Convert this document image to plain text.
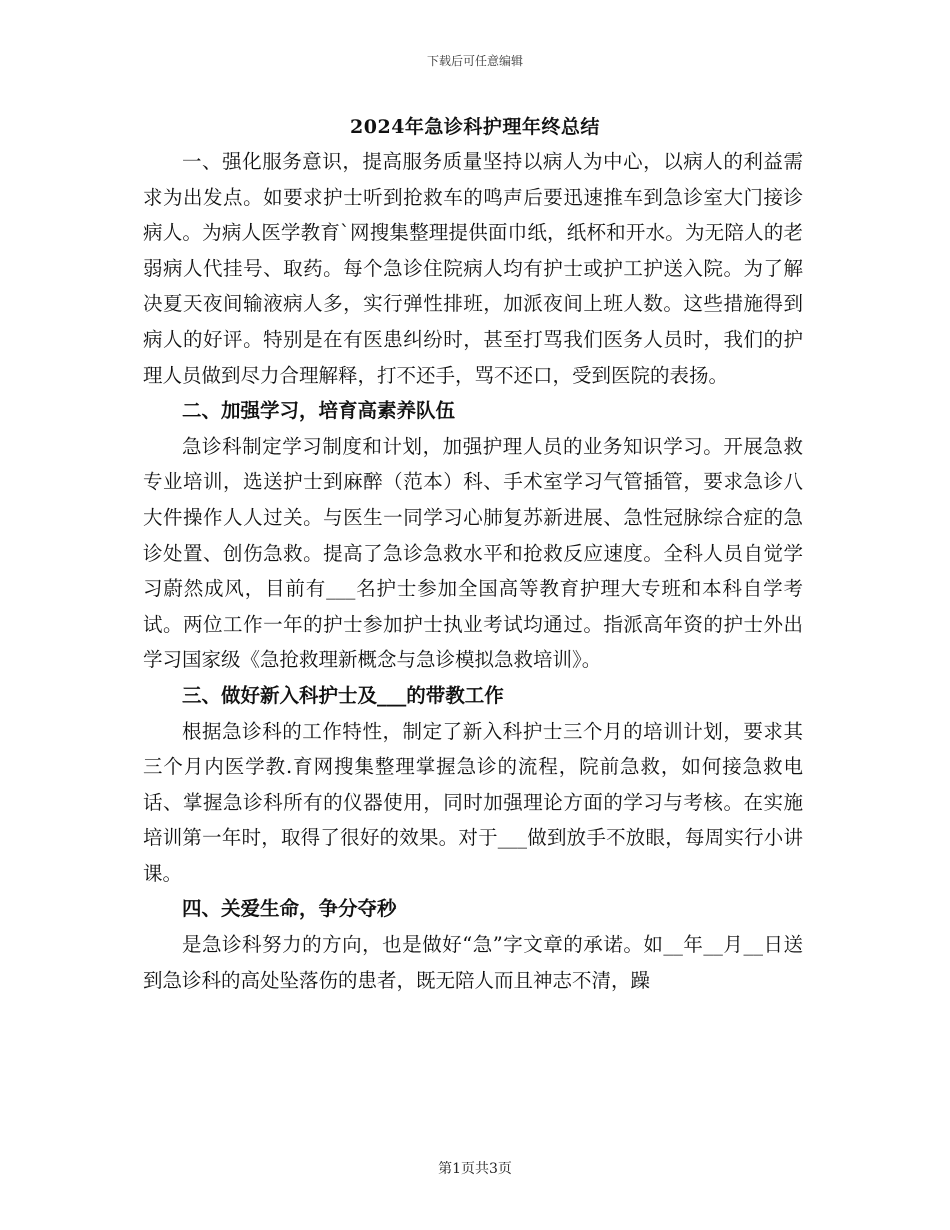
下载后可任意编辑
2024年急诊科护理年终总结

一、强化服务意识，提高服务质量坚持以病人为中心，以病人的利益需求为出发点。如要求护士听到抢救车的鸣声后要迅速推车到急诊室大门接诊病人。为病人医学教育`网搜集整理提供面巾纸，纸杯和开水。为无陪人的老弱病人代挂号、取药。每个急诊住院病人均有护士或护工护送入院。为了解决夏天夜间输液病人多，实行弹性排班，加派夜间上班人数。这些措施得到病人的好评。特别是在有医患纠纷时，甚至打骂我们医务人员时，我们的护理人员做到尽力合理解释，打不还手，骂不还口，受到医院的表扬。

二、加强学习，培育高素养队伍

急诊科制定学习制度和计划，加强护理人员的业务知识学习。开展急救专业培训，选送护士到麻醉（范本）科、手术室学习气管插管，要求急诊八大件操作人人过关。与医生一同学习心肺复苏新进展、急性冠脉综合症的急诊处置、创伤急救。提高了急诊急救水平和抢救反应速度。全科人员自觉学习蔚然成风，目前有___名护士参加全国高等教育护理大专班和本科自学考试。两位工作一年的护士参加护士执业考试均通过。指派高年资的护士外出学习国家级《急抢救理新概念与急诊模拟急救培训》。

三、做好新入科护士及___的带教工作

根据急诊科的工作特性，制定了新入科护士三个月的培训计划，要求其三个月内医学教.育网搜集整理掌握急诊的流程，院前急救，如何接急救电话、掌握急诊科所有的仪器使用，同时加强理论方面的学习与考核。在实施培训第一年时，取得了很好的效果。对于___做到放手不放眼，每周实行小讲课。

四、关爱生命，争分夺秒

是急诊科努力的方向，也是做好“急”字文章的承诺。如__年__月__日送到急诊科的高处坠落伤的患者，既无陪人而且神志不清，躁

第1页共3页
